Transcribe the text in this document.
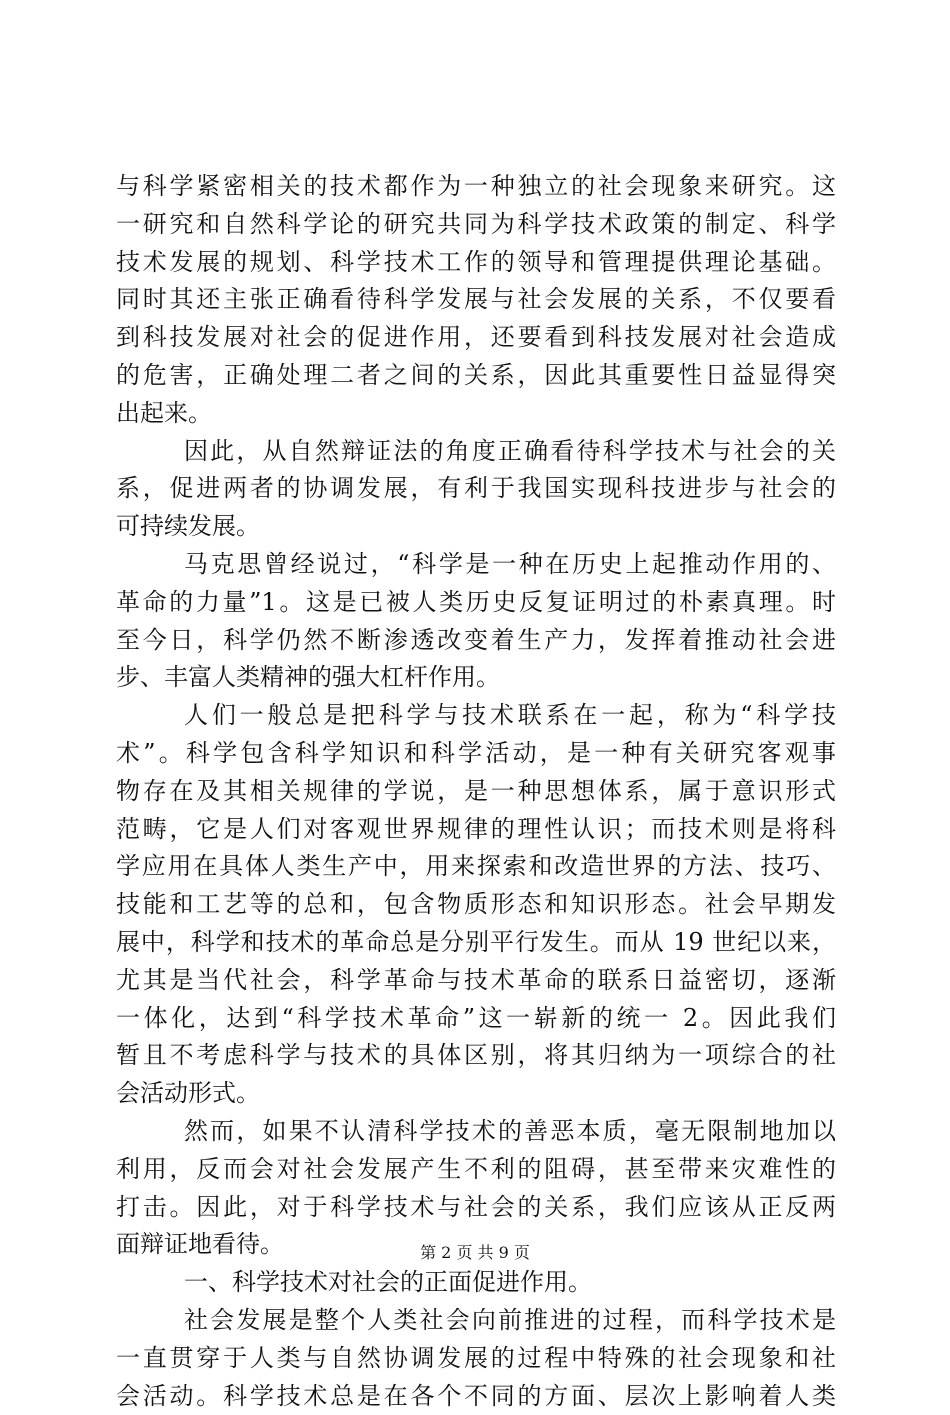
与科学紧密相关的技术都作为一种独立的社会现象来研究。这
一研究和自然科学论的研究共同为科学技术政策的制定、科学
技术发展的规划、科学技术工作的领导和管理提供理论基础。
同时其还主张正确看待科学发展与社会发展的关系，不仅要看
到科技发展对社会的促进作用，还要看到科技发展对社会造成
的危害，正确处理二者之间的关系，因此其重要性日益显得突
出起来。
因此，从自然辩证法的角度正确看待科学技术与社会的关
系，促进两者的协调发展，有利于我国实现科技进步与社会的
可持续发展。
马克思曾经说过，“科学是一种在历史上起推动作用的、
革命的力量”1。这是已被人类历史反复证明过的朴素真理。时
至今日，科学仍然不断渗透改变着生产力，发挥着推动社会进
步、丰富人类精神的强大杠杆作用。
人们一般总是把科学与技术联系在一起，称为“科学技
术”。科学包含科学知识和科学活动，是一种有关研究客观事
物存在及其相关规律的学说，是一种思想体系，属于意识形式
范畴，它是人们对客观世界规律的理性认识；而技术则是将科
学应用在具体人类生产中，用来探索和改造世界的方法、技巧、
技能和工艺等的总和，包含物质形态和知识形态。社会早期发
展中，科学和技术的革命总是分别平行发生。而从 19 世纪以来，
尤其是当代社会，科学革命与技术革命的联系日益密切，逐渐
一体化，达到“科学技术革命”这一崭新的统一 2。因此我们
暂且不考虑科学与技术的具体区别，将其归纳为一项综合的社
会活动形式。
然而，如果不认清科学技术的善恶本质，毫无限制地加以
利用，反而会对社会发展产生不利的阻碍，甚至带来灾难性的
打击。因此，对于科学技术与社会的关系，我们应该从正反两
面辩证地看待。
一、科学技术对社会的正面促进作用。
社会发展是整个人类社会向前推进的过程，而科学技术是
一直贯穿于人类与自然协调发展的过程中特殊的社会现象和社
会活动。科学技术总是在各个不同的方面、层次上影响着人类
第 2 页 共 9 页
